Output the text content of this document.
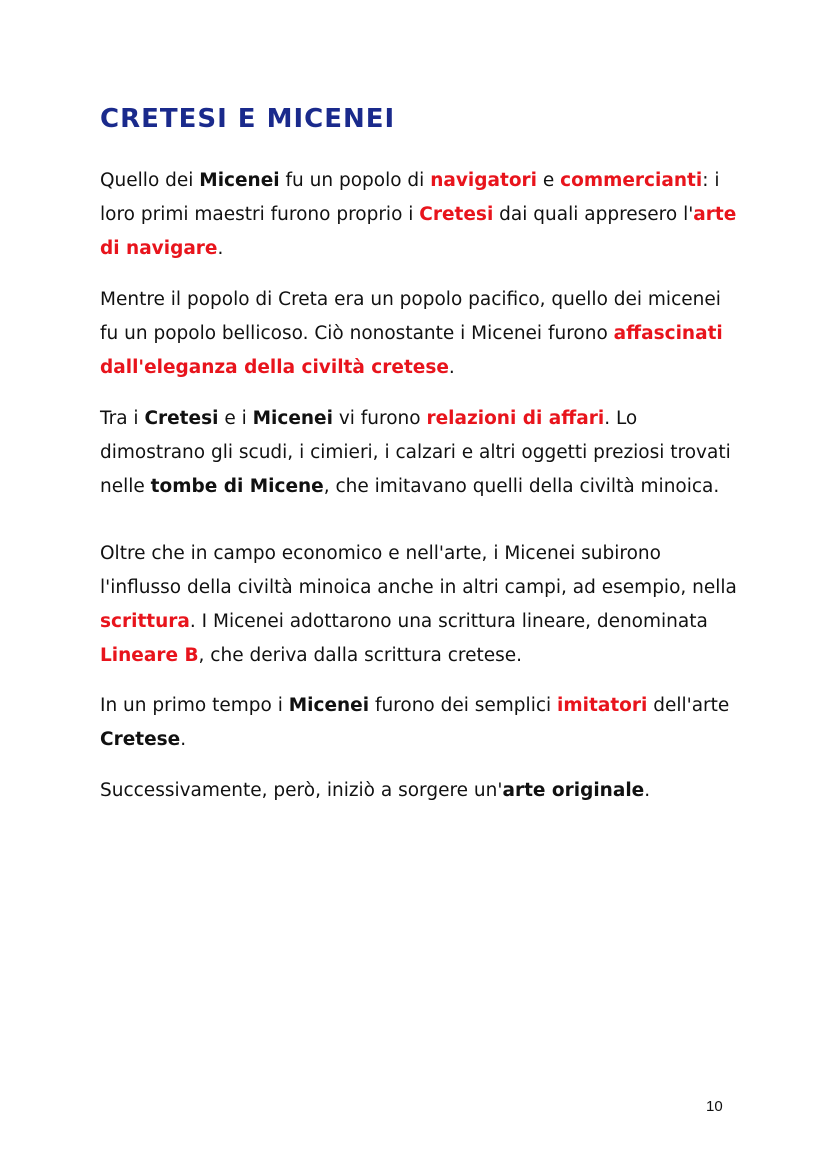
CRETESI E MICENEI

Quello dei Micenei fu un popolo di navigatori e commercianti: i loro primi maestri furono proprio i Cretesi dai quali appresero l'arte di navigare.

Mentre il popolo di Creta era un popolo pacifico, quello dei micenei fu un popolo bellicoso. Ciò nonostante i Micenei furono affascinati dall'eleganza della civiltà cretese.

Tra i Cretesi e i Micenei vi furono relazioni di affari. Lo dimostrano gli scudi, i cimieri, i calzari e altri oggetti preziosi trovati nelle tombe di Micene, che imitavano quelli della civiltà minoica.

Oltre che in campo economico e nell'arte, i Micenei subirono l'influsso della civiltà minoica anche in altri campi, ad esempio, nella scrittura. I Micenei adottarono una scrittura lineare, denominata Lineare B, che deriva dalla scrittura cretese.

In un primo tempo i Micenei furono dei semplici imitatori dell'arte Cretese.

Successivamente, però, iniziò a sorgere un'arte originale.

10
